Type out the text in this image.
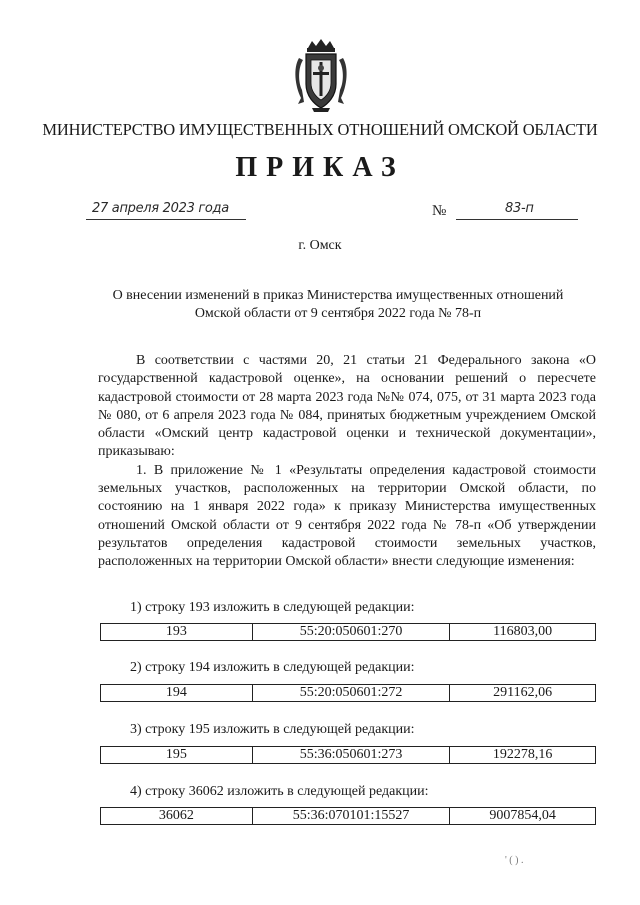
МИНИСТЕРСТВО ИМУЩЕСТВЕННЫХ ОТНОШЕНИЙ ОМСКОЙ ОБЛАСТИ
ПРИКАЗ
27 апреля 2023 года	№	83-п
г. Омск
О внесении изменений в приказ Министерства имущественных отношений
Омской области от 9 сентября 2022 года № 78-п

В соответствии с частями 20, 21 статьи 21 Федерального закона «О государственной кадастровой оценке», на основании решений о пересчете кадастровой стоимости от 28 марта 2023 года №№ 074, 075, от 31 марта 2023 года № 080, от 6 апреля 2023 года № 084, принятых бюджетным учреждением Омской области «Омский центр кадастровой оценки и технической документации», приказываю:

1. В приложение № 1 «Результаты определения кадастровой стоимости земельных участков, расположенных на территории Омской области, по состоянию на 1 января 2022 года» к приказу Министерства имущественных отношений Омской области от 9 сентября 2022 года № 78-п «Об утверждении результатов определения кадастровой стоимости земельных участков, расположенных на территории Омской области» внести следующие изменения:

1) строку 193 изложить в следующей редакции:
193	55:20:050601:270	116803,00
2) строку 194 изложить в следующей редакции:
194	55:20:050601:272	291162,06
3) строку 195 изложить в следующей редакции:
195	55:36:050601:273	192278,16
4) строку 36062 изложить в следующей редакции:
36062	55:36:070101:15527	9007854,04
' ( ) .
